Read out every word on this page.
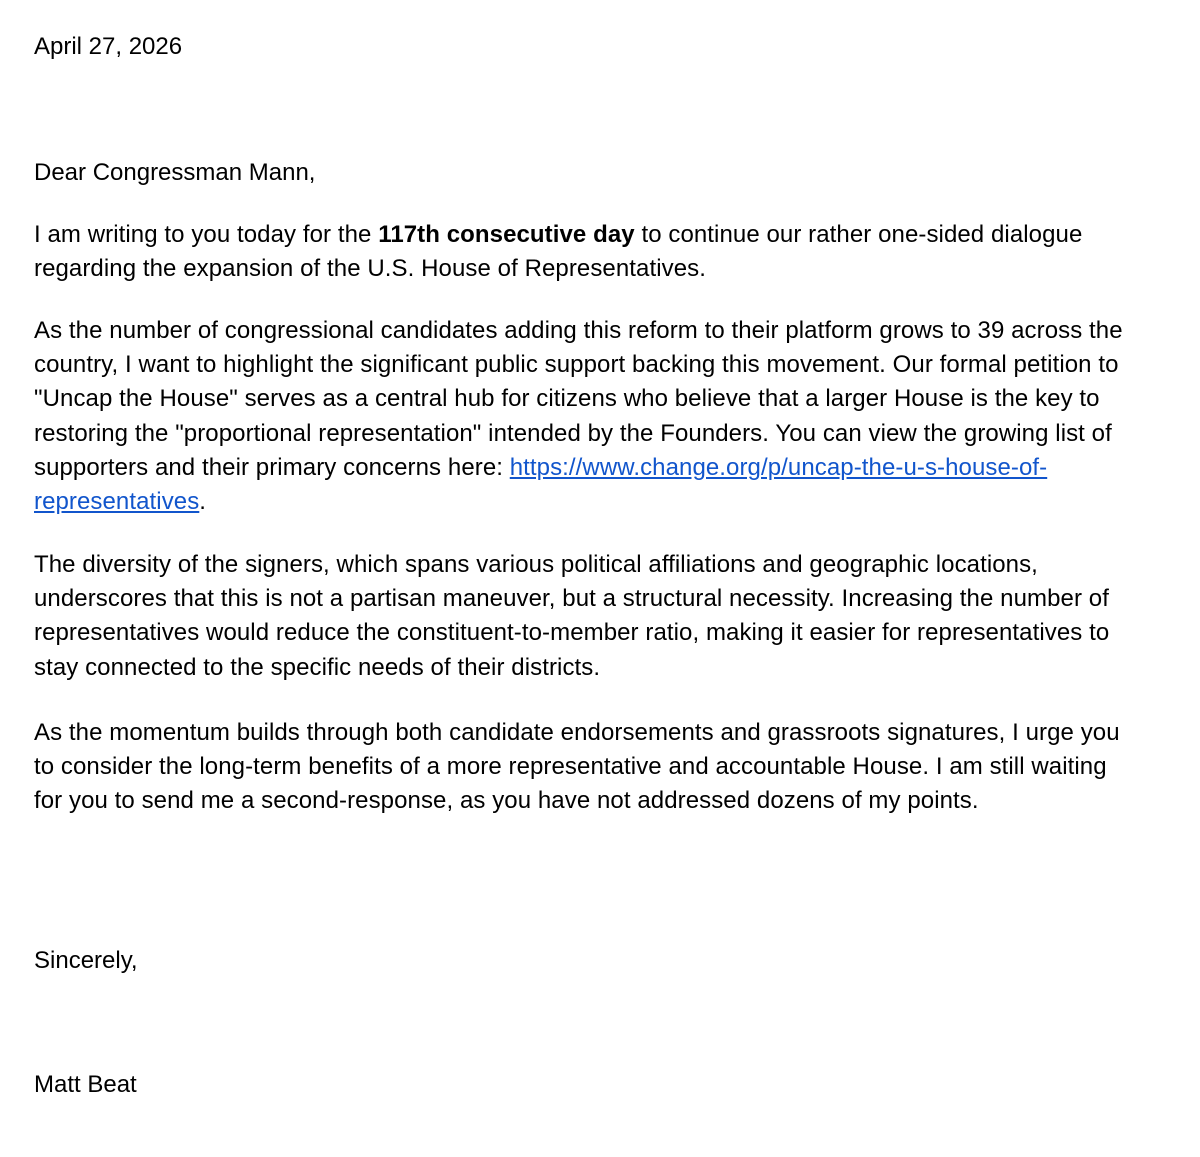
April 27, 2026
Dear Congressman Mann,

I am writing to you today for the 117th consecutive day to continue our rather one-sided dialogue regarding the expansion of the U.S. House of Representatives.

As the number of congressional candidates adding this reform to their platform grows to 39 across the country, I want to highlight the significant public support backing this movement. Our formal petition to "Uncap the House" serves as a central hub for citizens who believe that a larger House is the key to restoring the "proportional representation" intended by the Founders. You can view the growing list of supporters and their primary concerns here: https://www.change.org/p/uncap-the-u-s-house-of-representatives.

The diversity of the signers, which spans various political affiliations and geographic locations, underscores that this is not a partisan maneuver, but a structural necessity. Increasing the number of representatives would reduce the constituent-to-member ratio, making it easier for representatives to stay connected to the specific needs of their districts.

As the momentum builds through both candidate endorsements and grassroots signatures, I urge you to consider the long-term benefits of a more representative and accountable House. I am still waiting for you to send me a second-response, as you have not addressed dozens of my points.

Sincerely,
Matt Beat
